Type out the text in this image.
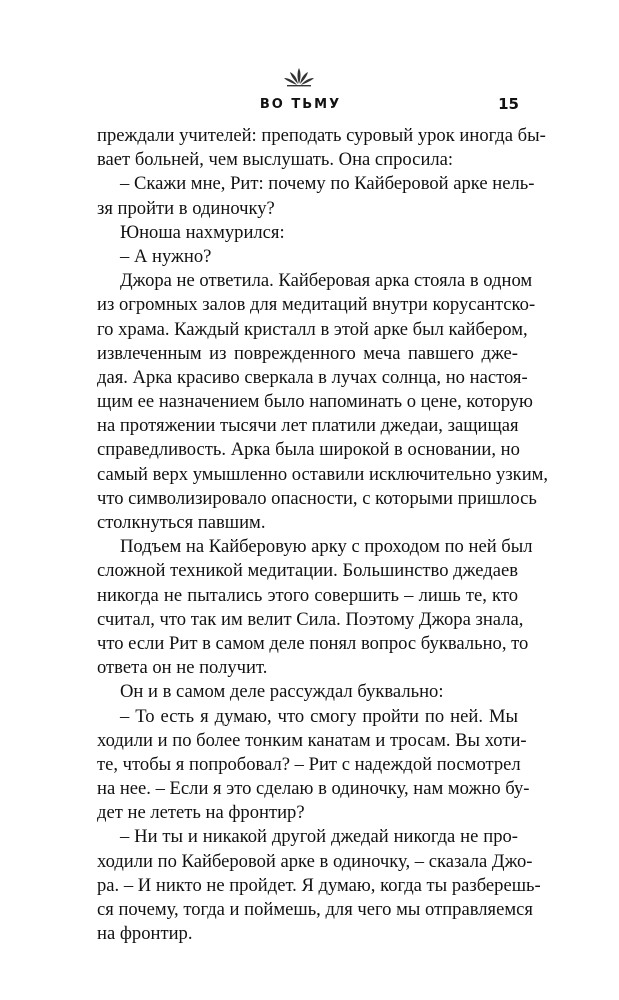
ВО ТЬМУ	15
преждали учителей: преподать суровый урок иногда бы-
вает больней, чем выслушать. Она спросила:
– Скажи мне, Рит: почему по Кайберовой арке нель-
зя пройти в одиночку?
Юноша нахмурился:
– А нужно?
Джора не ответила. Кайберовая арка стояла в одном
из огромных залов для медитаций внутри корусантско-
го храма. Каждый кристалл в этой арке был кайбером,
извлеченным из поврежденного меча павшего дже-
дая. Арка красиво сверкала в лучах солнца, но настоя-
щим ее назначением было напоминать о цене, которую
на протяжении тысячи лет платили джедаи, защищая
справедливость. Арка была широкой в основании, но
самый верх умышленно оставили исключительно узким,
что символизировало опасности, с которыми пришлось
столкнуться павшим.
Подъем на Кайберовую арку с проходом по ней был
сложной техникой медитации. Большинство джедаев
никогда не пытались этого совершить – лишь те, кто
считал, что так им велит Сила. Поэтому Джора знала,
что если Рит в самом деле понял вопрос буквально, то
ответа он не получит.
Он и в самом деле рассуждал буквально:
– То есть я думаю, что смогу пройти по ней. Мы
ходили и по более тонким канатам и тросам. Вы хоти-
те, чтобы я попробовал? – Рит с надеждой посмотрел
на нее. – Если я это сделаю в одиночку, нам можно бу-
дет не лететь на фронтир?
– Ни ты и никакой другой джедай никогда не про-
ходили по Кайберовой арке в одиночку, – сказала Джо-
ра. – И никто не пройдет. Я думаю, когда ты разберешь-
ся почему, тогда и поймешь, для чего мы отправляемся
на фронтир.
